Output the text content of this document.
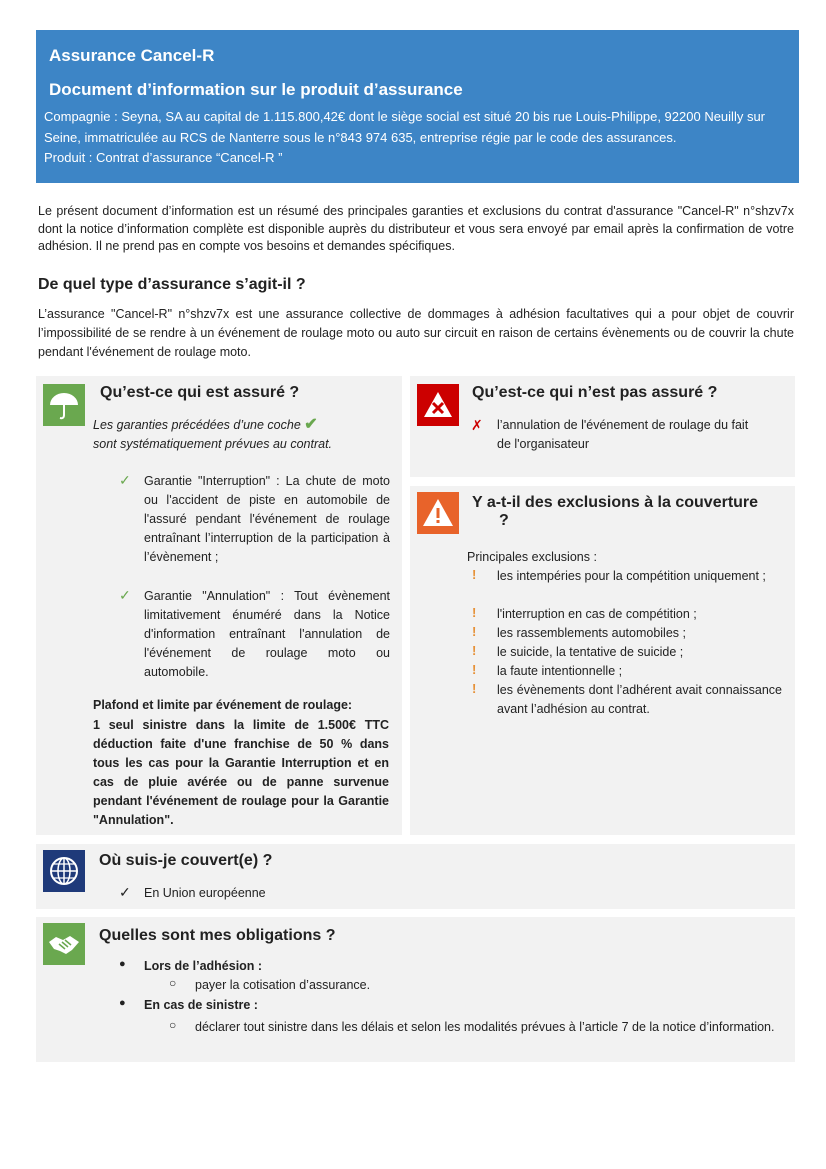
Assurance Cancel-R
Document d’information sur le produit d’assurance
Compagnie : Seyna, SA au capital de 1.115.800,42€ dont le siège social est situé 20 bis rue Louis-Philippe, 92200 Neuilly sur Seine, immatriculée au RCS de Nanterre sous le n°843 974 635, entreprise régie par le code des assurances.
Produit : Contrat d’assurance “Cancel-R ”
Le présent document d’information est un résumé des principales garanties et exclusions du contrat d'assurance "Cancel-R" n°shzv7x dont la notice d’information complète est disponible auprès du distributeur et vous sera envoyé par email après la confirmation de votre adhésion. Il ne prend pas en compte vos besoins et demandes spécifiques.
De quel type d’assurance s’agit-il ?
L’assurance "Cancel-R" n°shzv7x est une assurance collective de dommages à adhésion facultatives qui a pour objet de couvrir l’impossibilité de se rendre à un événement de roulage moto ou auto sur circuit en raison de certains évènements ou de couvrir la chute pendant l'événement de roulage moto.
Qu’est-ce qui est assuré ?
Les garanties précédées d’une coche ✔
sont systématiquement prévues au contrat.
✓ Garantie "Interruption" : La chute de moto ou l'accident de piste en automobile de l'assuré pendant l'événement de roulage entraînant l’interruption de la participation à l’évènement ;
✓ Garantie "Annulation" : Tout évènement limitativement énuméré dans la Notice d'information entraînant l'annulation de l'événement de roulage moto ou automobile.
Plafond et limite par événement de roulage:
1 seul sinistre dans la limite de 1.500€ TTC déduction faite d'une franchise de 50 % dans tous les cas pour la Garantie Interruption et en cas de pluie avérée ou de panne survenue pendant l'événement de roulage pour la Garantie "Annulation".
Qu’est-ce qui n’est pas assuré ?
✗ l’annulation de l'événement de roulage du fait de l'organisateur
Y a-t-il des exclusions à la couverture
?
Principales exclusions :
! les intempéries pour la compétition uniquement ;
! l'interruption en cas de compétition ;
! les rassemblements automobiles ;
! le suicide, la tentative de suicide ;
! la faute intentionnelle ;
! les évènements dont l’adhérent avait connaissance avant l’adhésion au contrat.
Où suis-je couvert(e) ?
✓ En Union européenne
Quelles sont mes obligations ?
● Lors de l’adhésion :
○ payer la cotisation d’assurance.
● En cas de sinistre :
○ déclarer tout sinistre dans les délais et selon les modalités prévues à l’article 7 de la notice d’information.
